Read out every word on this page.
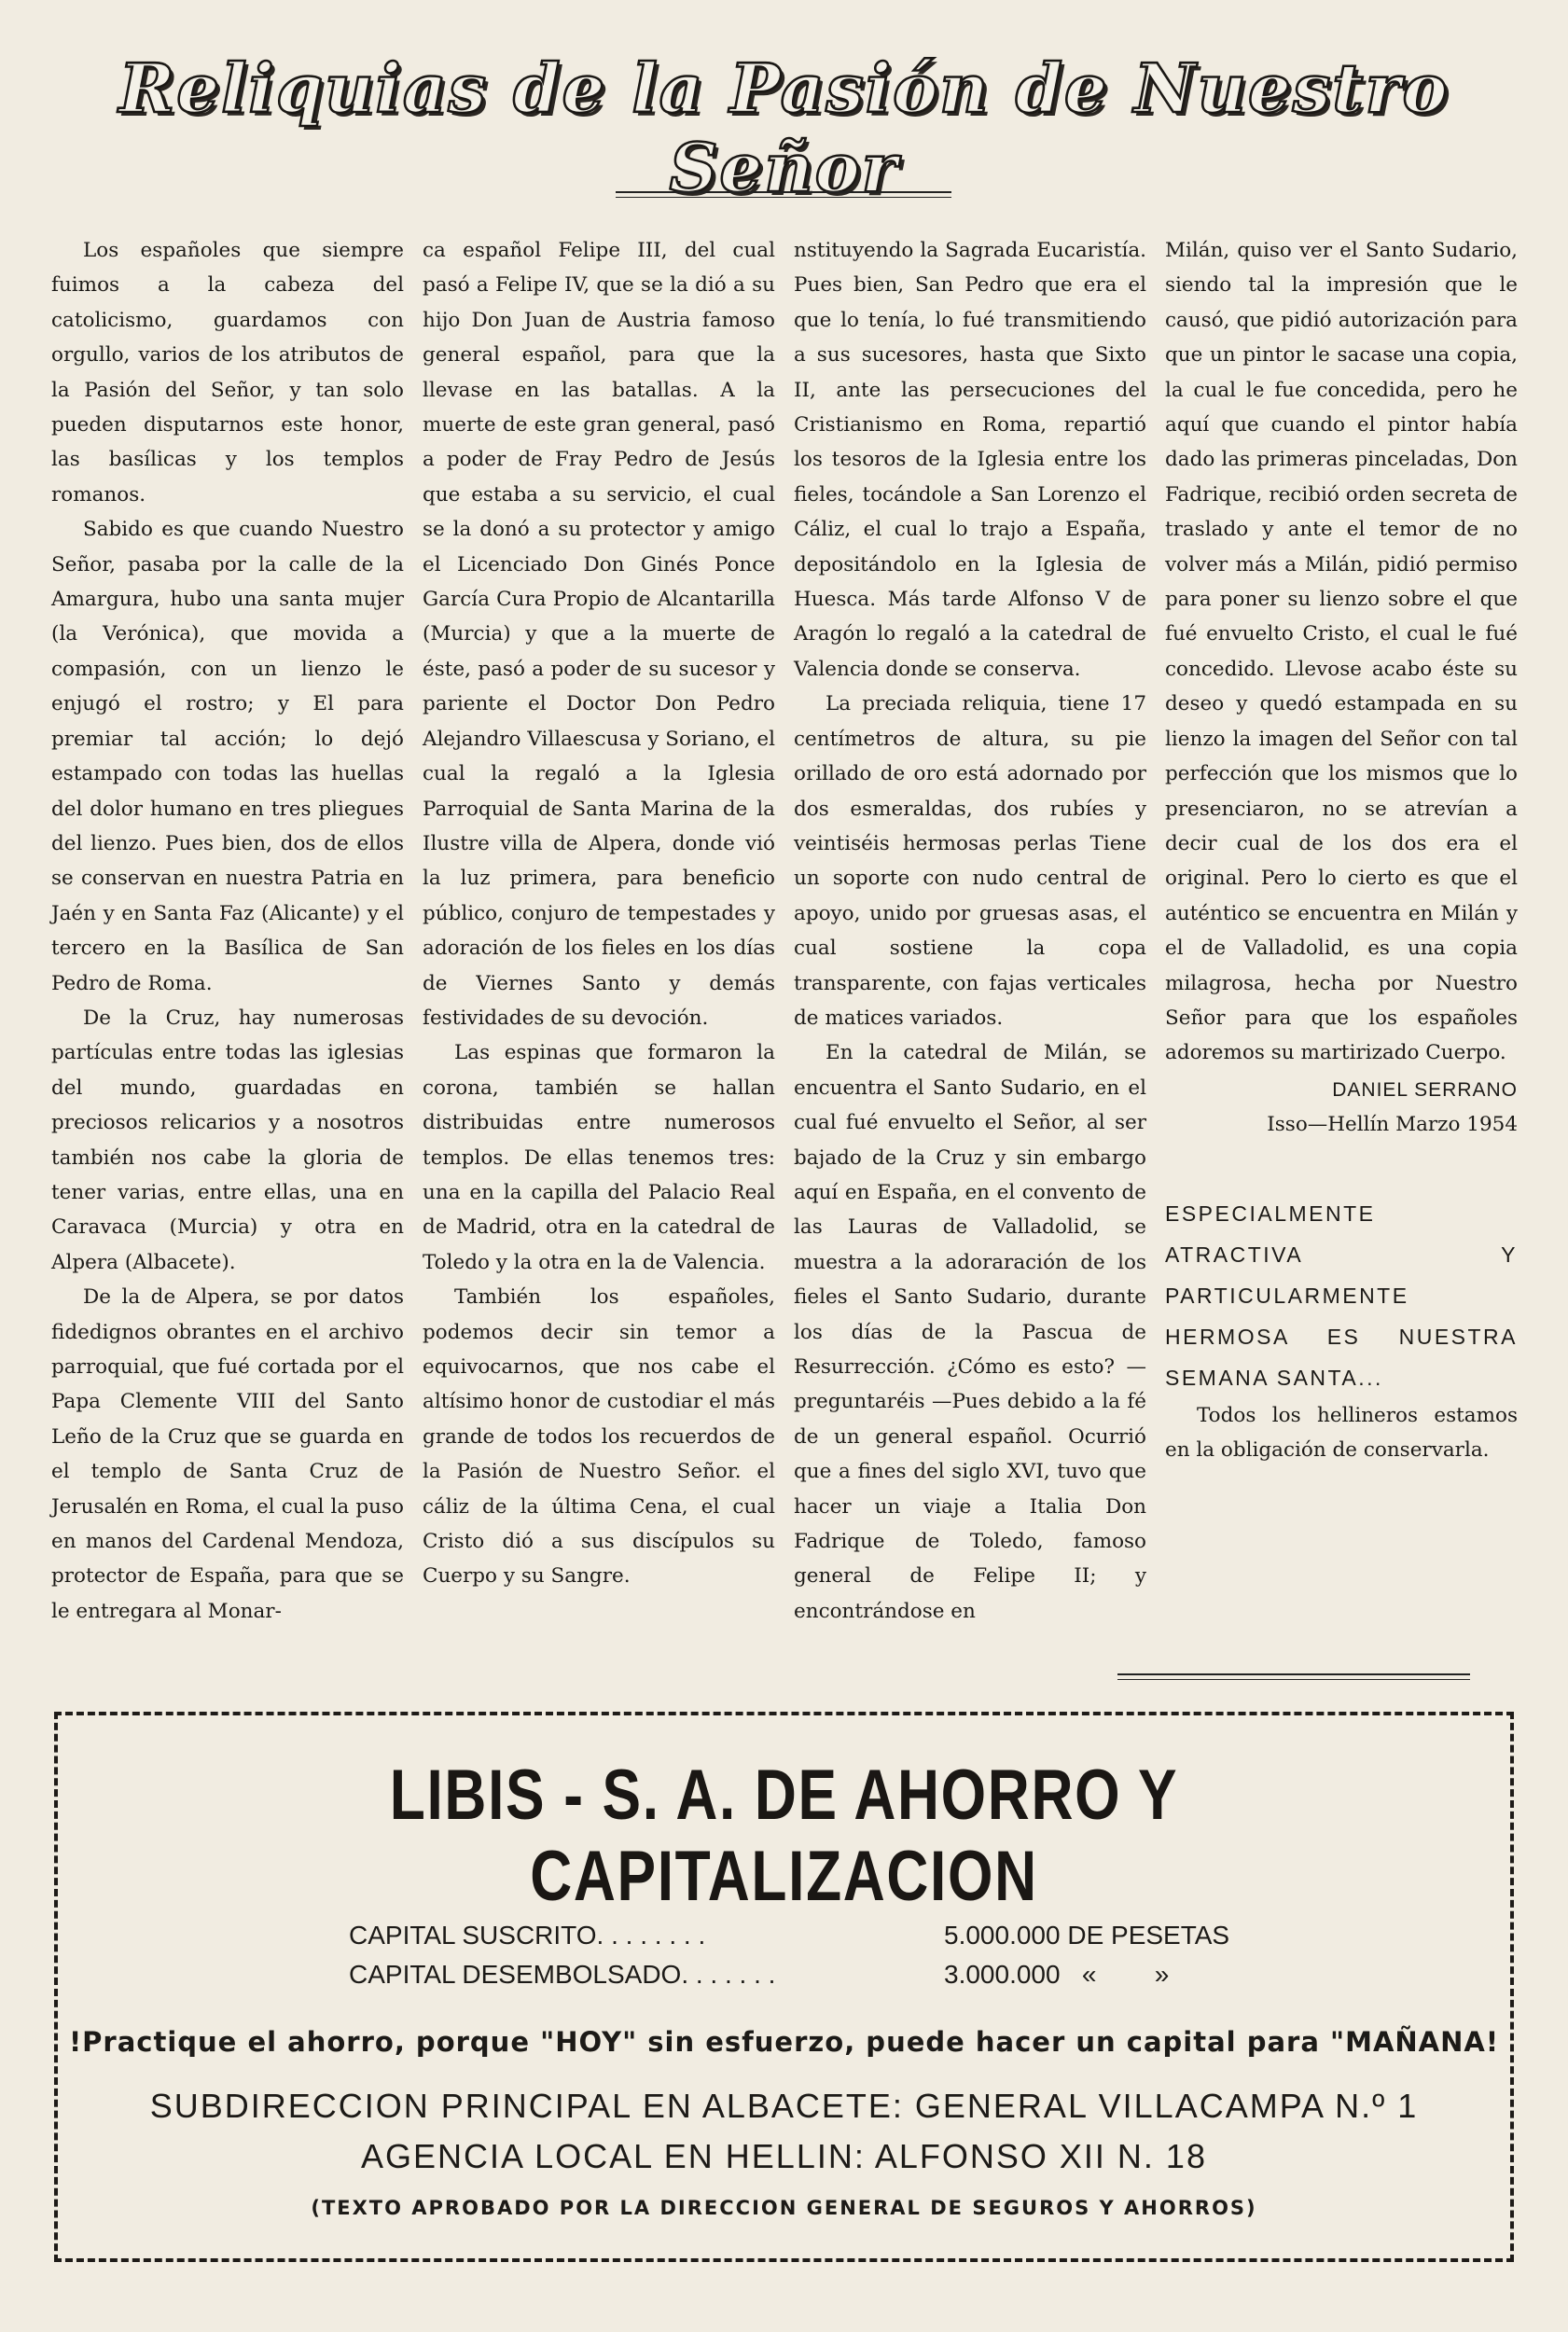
Reliquias de la Pasión de Nuestro Señor

Los españoles que siempre fuimos a la cabeza del catolicismo, guardamos con orgullo, varios de los atributos de la Pasión del Señor, y tan solo pueden disputarnos este honor, las basílicas y los templos romanos.

Sabido es que cuando Nuestro Señor, pasaba por la calle de la Amargura, hubo una santa mujer (la Verónica), que movida a compasión, con un lienzo le enjugó el rostro; y El para premiar tal acción; lo dejó estampado con todas las huellas del dolor humano en tres pliegues del lienzo. Pues bien, dos de ellos se conservan en nuestra Patria en Jaén y en Santa Faz (Alicante) y el tercero en la Basílica de San Pedro de Roma.

De la Cruz, hay numerosas partículas entre todas las iglesias del mundo, guardadas en preciosos relicarios y a nosotros también nos cabe la gloria de tener varias, entre ellas, una en Caravaca (Murcia) y otra en Alpera (Albacete).

De la de Alpera, se por datos fidedignos obrantes en el archivo parroquial, que fué cortada por el Papa Clemente VIII del Santo Leño de la Cruz que se guarda en el templo de Santa Cruz de Jerusalén en Roma, el cual la puso en manos del Cardenal Mendoza, protector de España, para que se le entregara al Monar-

ca español Felipe III, del cual pasó a Felipe IV, que se la dió a su hijo Don Juan de Austria famoso general español, para que la llevase en las batallas. A la muerte de este gran general, pasó a poder de Fray Pedro de Jesús que estaba a su servicio, el cual se la donó a su protector y amigo el Licenciado Don Ginés Ponce García Cura Propio de Alcantarilla (Murcia) y que a la muerte de éste, pasó a poder de su sucesor y pariente el Doctor Don Pedro Alejandro Villaescusa y Soriano, el cual la regaló a la Iglesia Parroquial de Santa Marina de la Ilustre villa de Alpera, donde vió la luz primera, para beneficio público, conjuro de tempestades y adoración de los fieles en los días de Viernes Santo y demás festividades de su devoción.

Las espinas que formaron la corona, también se hallan distribuidas entre numerosos templos. De ellas tenemos tres: una en la capilla del Palacio Real de Madrid, otra en la catedral de Toledo y la otra en la de Valencia.

También los españoles, podemos decir sin temor a equivocarnos, que nos cabe el altísimo honor de custodiar el más grande de todos los recuerdos de la Pasión de Nuestro Señor. el cáliz de la última Cena, el cual Cristo dió a sus discípulos su Cuerpo y su Sangre.

nstituyendo la Sagrada Eucaristía. Pues bien, San Pedro que era el que lo tenía, lo fué transmitiendo a sus sucesores, hasta que Sixto II, ante las persecuciones del Cristianismo en Roma, repartió los tesoros de la Iglesia entre los fieles, tocándole a San Lorenzo el Cáliz, el cual lo trajo a España, depositándolo en la Iglesia de Huesca. Más tarde Alfonso V de Aragón lo regaló a la catedral de Valencia donde se conserva.

La preciada reliquia, tiene 17 centímetros de altura, su pie orillado de oro está adornado por dos esmeraldas, dos rubíes y veintiséis hermosas perlas Tiene un soporte con nudo central de apoyo, unido por gruesas asas, el cual sostiene la copa transparente, con fajas verticales de matices variados.

En la catedral de Milán, se encuentra el Santo Sudario, en el cual fué envuelto el Señor, al ser bajado de la Cruz y sin embargo aquí en España, en el convento de las Lauras de Valladolid, se muestra a la adoraración de los fieles el Santo Sudario, durante los días de la Pascua de Resurrección. ¿Cómo es esto? —preguntaréis —Pues debido a la fé de un general español. Ocurrió que a fines del siglo XVI, tuvo que hacer un viaje a Italia Don Fadrique de Toledo, famoso general de Felipe II; y encontrándose en

Milán, quiso ver el Santo Sudario, siendo tal la impresión que le causó, que pidió autorización para que un pintor le sacase una copia, la cual le fue concedida, pero he aquí que cuando el pintor había dado las primeras pinceladas, Don Fadrique, recibió orden secreta de traslado y ante el temor de no volver más a Milán, pidió permiso para poner su lienzo sobre el que fué envuelto Cristo, el cual le fué concedido. Llevose acabo éste su deseo y quedó estampada en su lienzo la imagen del Señor con tal perfección que los mismos que lo presenciaron, no se atrevían a decir cual de los dos era el original. Pero lo cierto es que el auténtico se encuentra en Milán y el de Valladolid, es una copia milagrosa, hecha por Nuestro Señor para que los españoles adoremos su martirizado Cuerpo.

DANIEL SERRANO
Isso—Hellín Marzo 1954
ESPECIALMENTE ATRACTIVA Y PARTICULARMENTE HERMOSA ES NUESTRA SEMANA SANTA...

Todos los hellineros estamos en la obligación de conservarla.

LIBIS - S. A. DE AHORRO Y CAPITALIZACION
CAPITAL SUSCRITO. . . . . . . .	5.000.000 DE PESETAS
CAPITAL DESEMBOLSADO. . . . . . .	3.000.000   «        »
!Practique el ahorro, porque "HOY" sin esfuerzo, puede hacer un capital para "MAÑANA!
SUBDIRECCION PRINCIPAL EN ALBACETE: GENERAL VILLACAMPA N.º 1
AGENCIA LOCAL EN HELLIN: ALFONSO XII N. 18
(TEXTO APROBADO POR LA DIRECCION GENERAL DE SEGUROS Y AHORROS)
